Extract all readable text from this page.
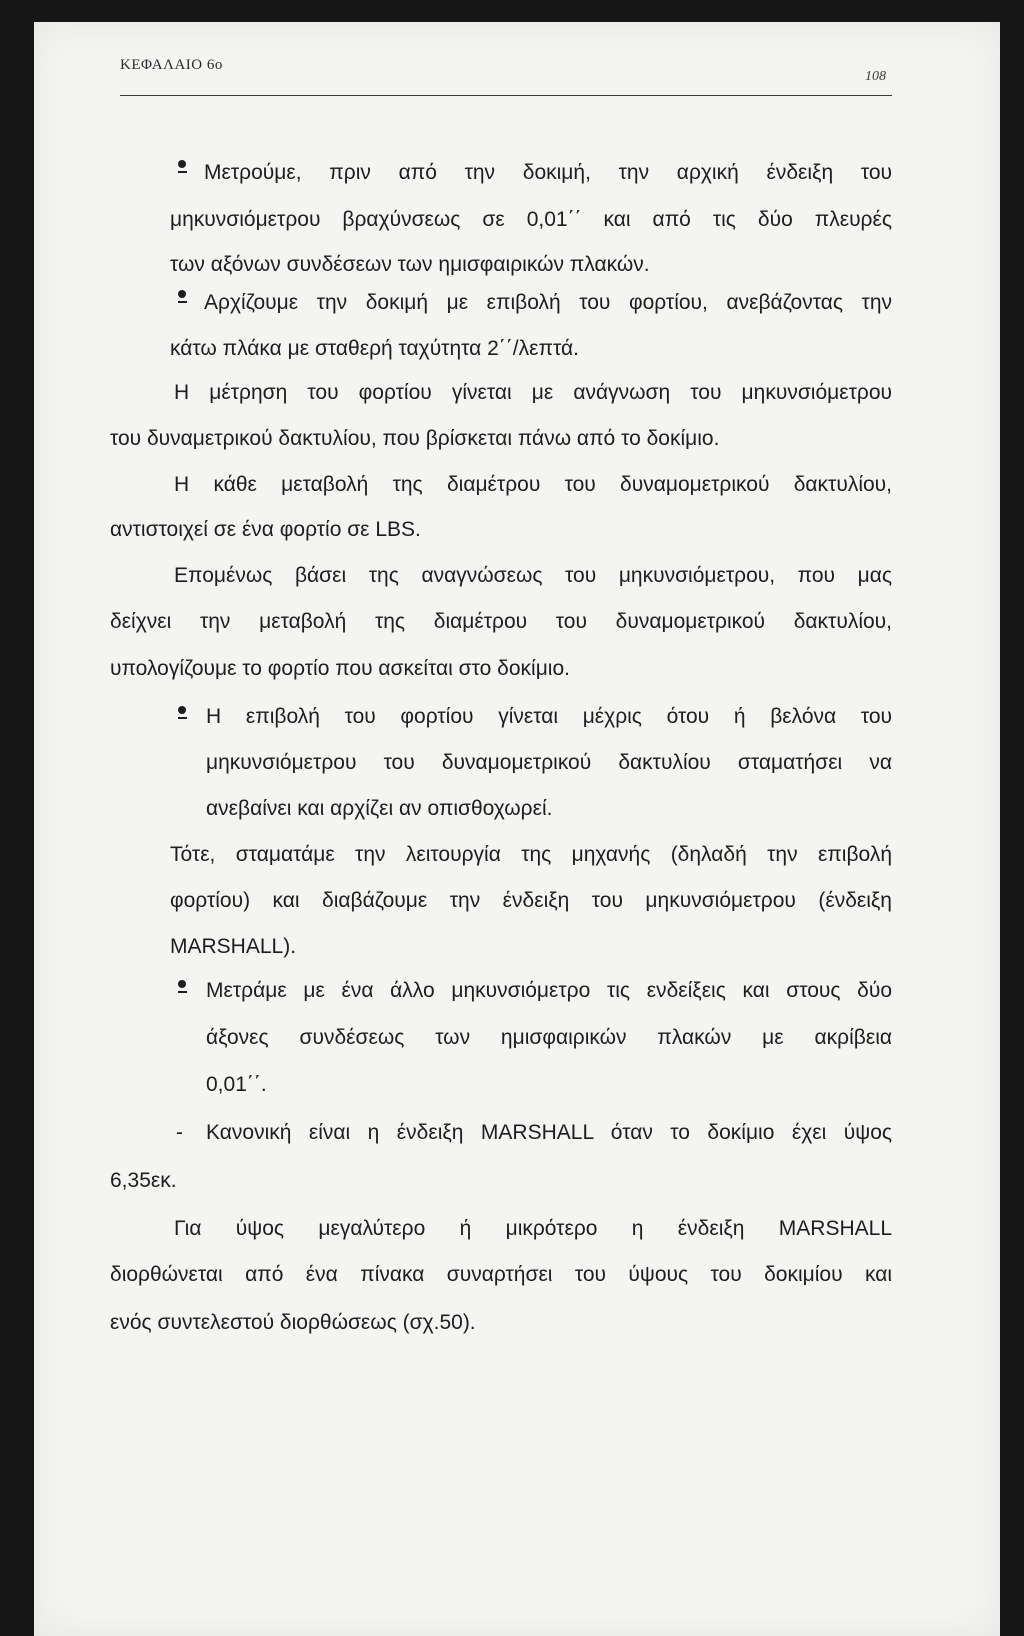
ΚΕΦΑΛΑΙΟ 6ο
108
Μετρούμε, πριν από την δοκιμή, την αρχική ένδειξη του
μηκυνσιόμετρου βραχύνσεως σε 0,01΄΄ και από τις δύο πλευρές
των αξόνων συνδέσεων των ημισφαιρικών πλακών.
Αρχίζουμε την δοκιμή με επιβολή του φορτίου, ανεβάζοντας την
κάτω πλάκα με σταθερή ταχύτητα 2΄΄/λεπτά.
Η μέτρηση του φορτίου γίνεται με ανάγνωση του μηκυνσιόμετρου
του δυναμετρικού δακτυλίου, που βρίσκεται πάνω από το δοκίμιο.
Η κάθε μεταβολή της διαμέτρου του δυναμομετρικού δακτυλίου,
αντιστοιχεί σε ένα φορτίο σε LBS.
Επομένως βάσει της αναγνώσεως του μηκυνσιόμετρου, που μας
δείχνει την μεταβολή της διαμέτρου του δυναμομετρικού δακτυλίου,
υπολογίζουμε το φορτίο που ασκείται στο δοκίμιο.
Η επιβολή του φορτίου γίνεται μέχρις ότου ή βελόνα του
μηκυνσιόμετρου του δυναμομετρικού δακτυλίου σταματήσει να
ανεβαίνει και αρχίζει αν οπισθοχωρεί.
Τότε, σταματάμε την λειτουργία της μηχανής (δηλαδή την επιβολή
φορτίου) και διαβάζουμε την ένδειξη του μηκυνσιόμετρου (ένδειξη
MARSHALL).
Μετράμε με ένα άλλο μηκυνσιόμετρο τις ενδείξεις και στους δύο
άξονες συνδέσεως των ημισφαιρικών πλακών με ακρίβεια
0,01΄΄.
- Κανονική είναι η ένδειξη MARSHALL όταν το δοκίμιο έχει ύψος
6,35εκ.
Για ύψος μεγαλύτερο ή μικρότερο η ένδειξη MARSHALL
διορθώνεται από ένα πίνακα συναρτήσει του ύψους του δοκιμίου και
ενός συντελεστού διορθώσεως (σχ.50).
